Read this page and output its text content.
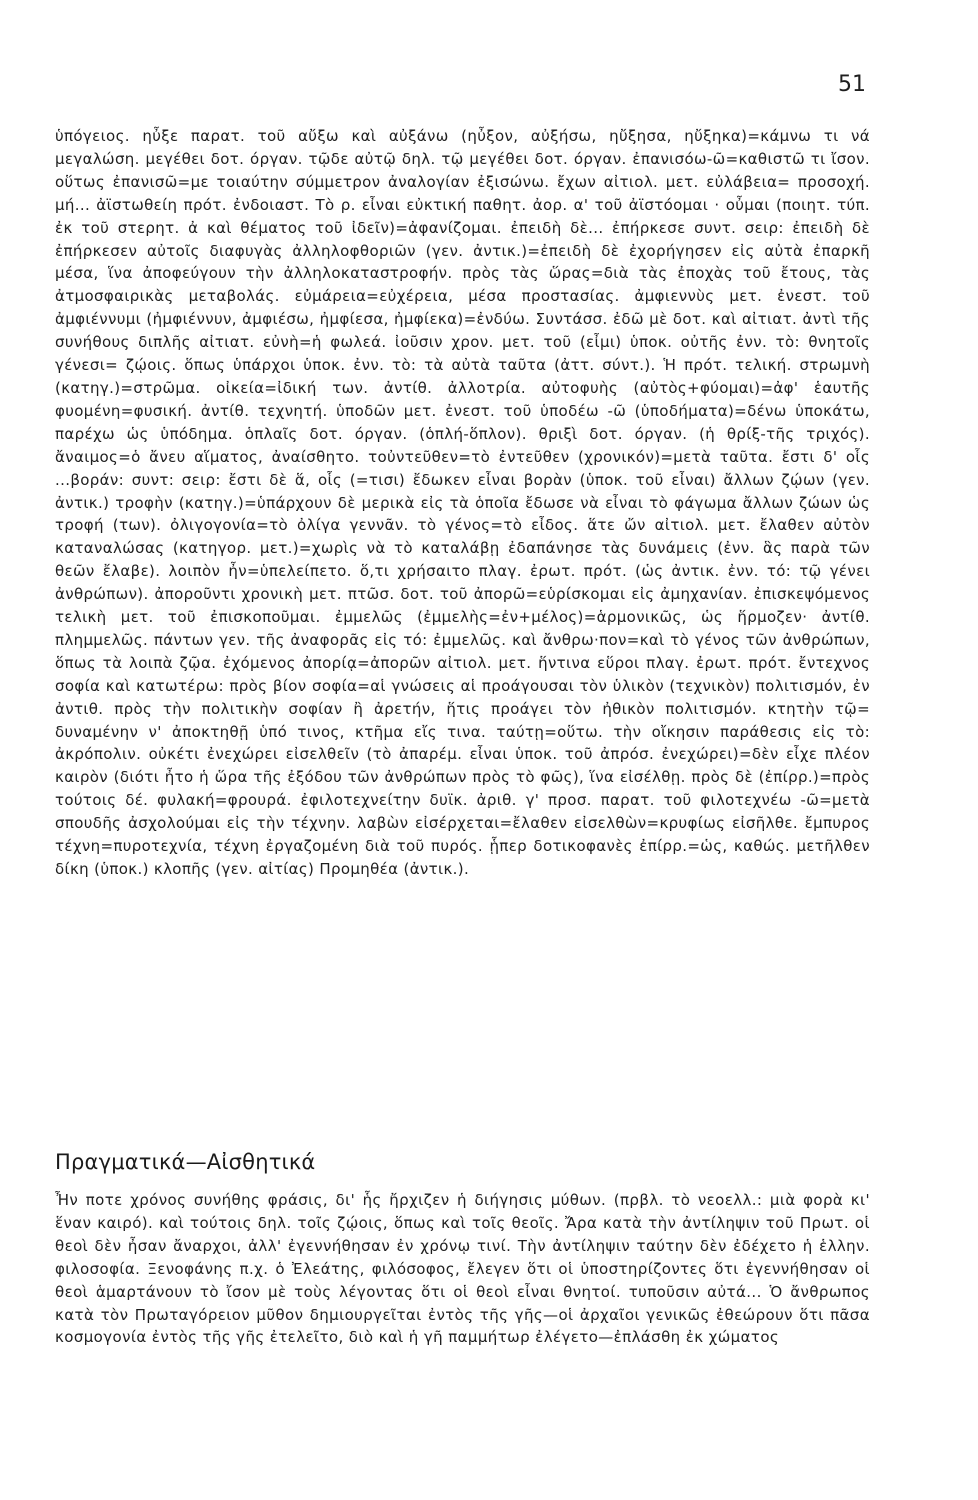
51

ὑπόγειος. ηὖξε παρατ. τοῦ αὔξω καὶ αὐξάνω (ηὖξον, αὐξήσω, ηὔξησα, ηὔξηκα)=κάμνω τι νά μεγαλώση. μεγέθει δοτ. όργαν. τῷδε αὐτῷ δηλ. τῷ μεγέθει δοτ. όργαν. ἐπανισόω-ῶ=καθιστῶ τι ἴσον. οὕτως ἐπανισῶ=με τοιαύτην σύμμετρον ἀναλογίαν ἐξισώνω. ἔχων αἰτιολ. μετ. εὐλάβεια= προσοχή. μή... ἀϊστωθείη πρότ. ἐνδοιαστ. Τὸ ρ. εἶναι εὐκτική παθητ. ἀορ. α' τοῦ ἀϊστόομαι · οὖμαι (ποιητ. τύπ. ἐκ τοῦ στερητ. ἀ καὶ θέματος τοῦ ἰδεῖν)=ἀφανίζομαι. ἐπειδὴ δὲ... ἐπήρκεσε συντ. σειρ: ἐπειδὴ δὲ ἐπήρκεσεν αὐτοῖς διαφυγὰς ἀλληλοφθοριῶν (γεν. ἀντικ.)=ἐπειδὴ δὲ ἐχορήγησεν εἰς αὐτὰ ἐπαρκῆ μέσα, ἵνα ἀποφεύγουν τὴν ἀλληλοκαταστροφήν. πρὸς τὰς ὥρας=διὰ τὰς ἐποχὰς τοῦ ἔτους, τὰς ἀτμοσφαιρικὰς μεταβολάς. εὐμάρεια=εὐχέρεια, μέσα προστασίας. ἀμφιεννὺς μετ. ἐνεστ. τοῦ ἀμφιέννυμι (ἠμφιέννυν, ἀμφιέσω, ἠμφίεσα, ἠμφίεκα)=ἐνδύω. Συντάσσ. ἐδῶ μὲ δοτ. καὶ αἰτιατ. ἀντὶ τῆς συνήθους διπλῆς αἰτιατ. εὐνὴ=ἡ φωλεά. ἰοῦσιν χρον. μετ. τοῦ (εἶμι) ὑποκ. οὐτῆς ἐνν. τὸ: θνητοῖς γένεσι= ζῴοις. ὅπως ὑπάρχοι ὑποκ. ἐνν. τὸ: τὰ αὐτὰ ταῦτα (ἀττ. σύντ.). Ἡ πρότ. τελική. στρωμνὴ (κατηγ.)=στρῶμα. οἰκεία=ἰδική των. ἀντίθ. ἀλλοτρία. αὐτοφυὴς (αὐτὸς+φύομαι)=ἀφ' ἑαυτῆς φυομένη=φυσική. ἀντίθ. τεχνητή. ὑποδῶν μετ. ἐνεστ. τοῦ ὑποδέω -ῶ (ὑποδήματα)=δένω ὑποκάτω, παρέχω ὡς ὑπόδημα. ὁπλαῖς δοτ. όργαν. (ὁπλή-ὅπλον). θριξὶ δοτ. όργαν. (ἡ θρίξ-τῆς τριχός). ἄναιμος=ὁ ἄνευ αἵματος, ἀναίσθητο. τοὐντεῦθεν=τὸ ἐντεῦθεν (χρονικόν)=μετὰ ταῦτα. ἔστι δ' οἷς ...βοράν: συντ: σειρ: ἔστι δὲ ἅ, οἷς (=τισι) ἔδωκεν εἶναι βορὰν (ὑποκ. τοῦ εἶναι) ἄλλων ζῴων (γεν. ἀντικ.) τροφὴν (κατηγ.)=ὑπάρχουν δὲ μερικὰ εἰς τὰ ὁποῖα ἔδωσε νὰ εἶναι τὸ φάγωμα ἄλλων ζώων ὡς τροφή (των). ὀλιγογονία=τὸ ὀλίγα γεννᾶν. τὸ γένος=τὸ εἶδος. ἅτε ὤν αἰτιολ. μετ. ἔλαθεν αὐτὸν καταναλώσας (κατηγορ. μετ.)=χωρὶς νὰ τὸ καταλάβῃ ἐδαπάνησε τὰς δυνάμεις (ἐνν. ἃς παρὰ τῶν θεῶν ἔλαβε). λοιπὸν ἦν=ὑπελείπετο. ὅ,τι χρήσαιτο πλαγ. ἐρωτ. πρότ. (ὡς ἀντικ. ἐνν. τό: τῷ γένει ἀνθρώπων). ἀποροῦντι χρονικὴ μετ. πτῶσ. δοτ. τοῦ ἀπορῶ=εὑρίσκομαι εἰς ἀμηχανίαν. ἐπισκεψόμενος τελικὴ μετ. τοῦ ἐπισκοποῦμαι. ἐμμελῶς (ἐμμελὴς=ἐν+μέλος)=ἁρμονικῶς, ὡς ἥρμοζεν· ἀντίθ. πλημμελῶς. πάντων γεν. τῆς ἀναφορᾶς εἰς τό: ἐμμελῶς. καὶ ἄνθρω·πον=καὶ τὸ γένος τῶν ἀνθρώπων, ὅπως τὰ λοιπὰ ζῷα. ἐχόμενος ἀπορίᾳ=ἀπορῶν αἰτιολ. μετ. ἥντινα εὕροι πλαγ. ἐρωτ. πρότ. ἔντεχνος σοφία καὶ κατωτέρω: πρὸς βίον σοφία=αἱ γνώσεις αἱ προάγουσαι τὸν ὑλικὸν (τεχνικὸν) πολιτισμόν, ἐν ἀντιθ. πρὸς τὴν πολιτικὴν σοφίαν ἢ ἀρετήν, ἥτις προάγει τὸν ἠθικὸν πολιτισμόν. κτητὴν τῷ= δυναμένην ν' ἀποκτηθῇ ὑπό τινος, κτῆμα εἴς τινα. ταύτῃ=οὕτω. τὴν οἴκησιν παράθεσις εἰς τὸ: ἀκρόπολιν. οὐκέτι ἐνεχώρει εἰσελθεῖν (τὸ ἀπαρέμ. εἶναι ὑποκ. τοῦ ἀπρόσ. ἐνεχώρει)=δὲν εἶχε πλέον καιρὸν (διότι ἦτο ἡ ὥρα τῆς ἐξόδου τῶν ἀνθρώπων πρὸς τὸ φῶς), ἵνα εἰσέλθῃ. πρὸς δὲ (ἐπίρρ.)=πρὸς τούτοις δέ. φυλακή=φρουρά. ἐφιλοτεχνείτην δυϊκ. ἀριθ. γ' προσ. παρατ. τοῦ φιλοτεχνέω -ῶ=μετὰ σπουδῆς ἀσχολούμαι εἰς τὴν τέχνην. λαβὼν εἰσέρχεται=ἔλαθεν εἰσελθὼν=κρυφίως εἰσῆλθε. ἔμπυρος τέχνη=πυροτεχνία, τέχνη ἐργαζομένη διὰ τοῦ πυρός. ᾗπερ δοτικοφανὲς ἐπίρρ.=ὡς, καθώς. μετῆλθεν δίκη (ὑποκ.) κλοπῆς (γεν. αἰτίας) Προμηθέα (ἀντικ.).

Πραγματικά—Αἰσθητικά

Ἦν ποτε χρόνος συνήθης φράσις, δι' ἧς ἤρχιζεν ἡ διήγησις μύθων. (πρβλ. τὸ νεοελλ.: μιὰ φορὰ κι' ἕναν καιρό). καὶ τούτοις δηλ. τοῖς ζῴοις, ὅπως καὶ τοῖς θεοῖς. Ἄρα κατὰ τὴν ἀντίληψιν τοῦ Πρωτ. οἱ θεοὶ δὲν ἦσαν ἄναρχοι, ἀλλ' ἐγεννήθησαν ἐν χρόνῳ τινί. Τὴν ἀντίληψιν ταύτην δὲν ἐδέχετο ἡ ἑλλην. φιλοσοφία. Ξενοφάνης π.χ. ὁ Ἐλεάτης, φιλόσοφος, ἔλεγεν ὅτι οἱ ὑποστηρίζοντες ὅτι ἐγεννήθησαν οἱ θεοὶ ἁμαρτάνουν τὸ ἴσον μὲ τοὺς λέγοντας ὅτι οἱ θεοὶ εἶναι θνητοί. τυποῦσιν αὐτά... Ὁ ἄνθρωπος κατὰ τὸν Πρωταγόρειον μῦθον δημιουργεῖται ἐντὸς τῆς γῆς—οἱ ἀρχαῖοι γενικῶς ἐθεώρουν ὅτι πᾶσα κοσμογονία ἐντὸς τῆς γῆς ἐτελεῖτο, διὸ καὶ ἡ γῆ παμμήτωρ ἐλέγετο—ἐπλάσθη ἐκ χώματος
